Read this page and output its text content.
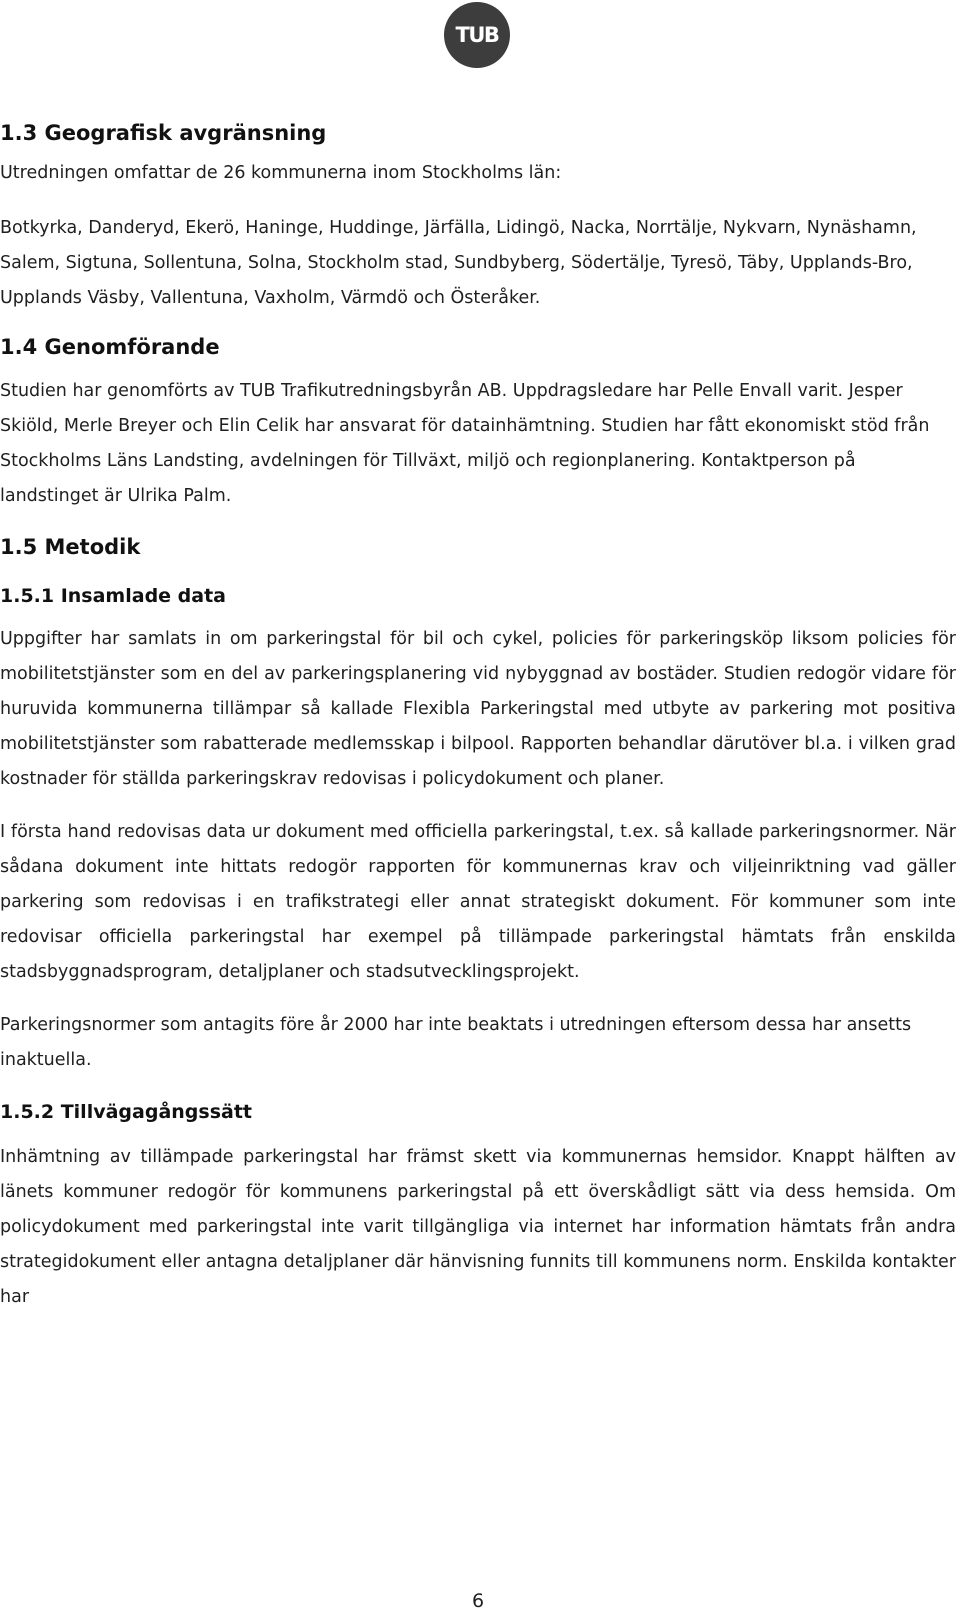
TUB
1.3 Geografisk avgränsning

Utredningen omfattar de 26 kommunerna inom Stockholms län:

Botkyrka, Danderyd, Ekerö, Haninge, Huddinge, Järfälla, Lidingö, Nacka, Norrtälje, Nykvarn, Nynäshamn, Salem, Sigtuna, Sollentuna, Solna, Stockholm stad, Sundbyberg, Södertälje, Tyresö, Täby, Upplands-Bro, Upplands Väsby, Vallentuna, Vaxholm, Värmdö och Österåker.

1.4 Genomförande

Studien har genomförts av TUB Trafikutredningsbyrån AB. Uppdragsledare har Pelle Envall varit. Jesper Skiöld, Merle Breyer och Elin Celik har ansvarat för datainhämtning. Studien har fått ekonomiskt stöd från Stockholms Läns Landsting, avdelningen för Tillväxt, miljö och regionplanering. Kontaktperson på landstinget är Ulrika Palm.

1.5 Metodik
1.5.1 Insamlade data

Uppgifter har samlats in om parkeringstal för bil och cykel, policies för parkeringsköp liksom policies för mobilitetstjänster som en del av parkeringsplanering vid nybyggnad av bostäder. Studien redogör vidare för huruvida kommunerna tillämpar så kallade Flexibla Parkeringstal med utbyte av parkering mot positiva mobilitetstjänster som rabatterade medlemsskap i bilpool. Rapporten behandlar därutöver bl.a. i vilken grad kostnader för ställda parkeringskrav redovisas i policydokument och planer.

I första hand redovisas data ur dokument med officiella parkeringstal, t.ex. så kallade parkeringsnormer. När sådana dokument inte hittats redogör rapporten för kommunernas krav och viljeinriktning vad gäller parkering som redovisas i en trafikstrategi eller annat strategiskt dokument. För kommuner som inte redovisar officiella parkeringstal har exempel på tillämpade parkeringstal hämtats från enskilda stadsbyggnadsprogram, detaljplaner och stadsutvecklingsprojekt.

Parkeringsnormer som antagits före år 2000 har inte beaktats i utredningen eftersom dessa har ansetts inaktuella.

1.5.2 Tillvägagångssätt

Inhämtning av tillämpade parkeringstal har främst skett via kommunernas hemsidor. Knappt hälften av länets kommuner redogör för kommunens parkeringstal på ett överskådligt sätt via dess hemsida. Om policydokument med parkeringstal inte varit tillgängliga via internet har information hämtats från andra strategidokument eller antagna detaljplaner där hänvisning funnits till kommunens norm. Enskilda kontakter har

6
